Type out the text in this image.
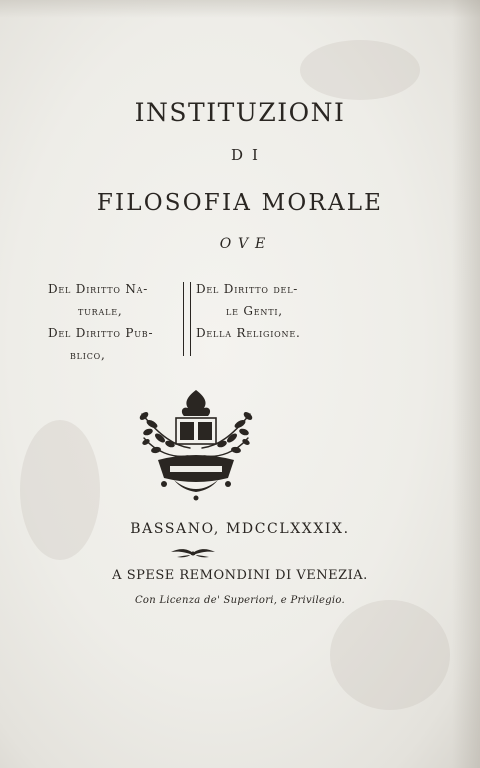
INSTITUZIONI
DI
FILOSOFIA MORALE
OVE
Del Diritto Na-
turale,
Del Diritto Pub-
blico,
Del Diritto del-
le Genti,
Della Religione.
BASSANO, MDCCLXXXIX.
A SPESE REMONDINI DI VENEZIA.
Con Licenza de' Superiori, e Privilegio.
